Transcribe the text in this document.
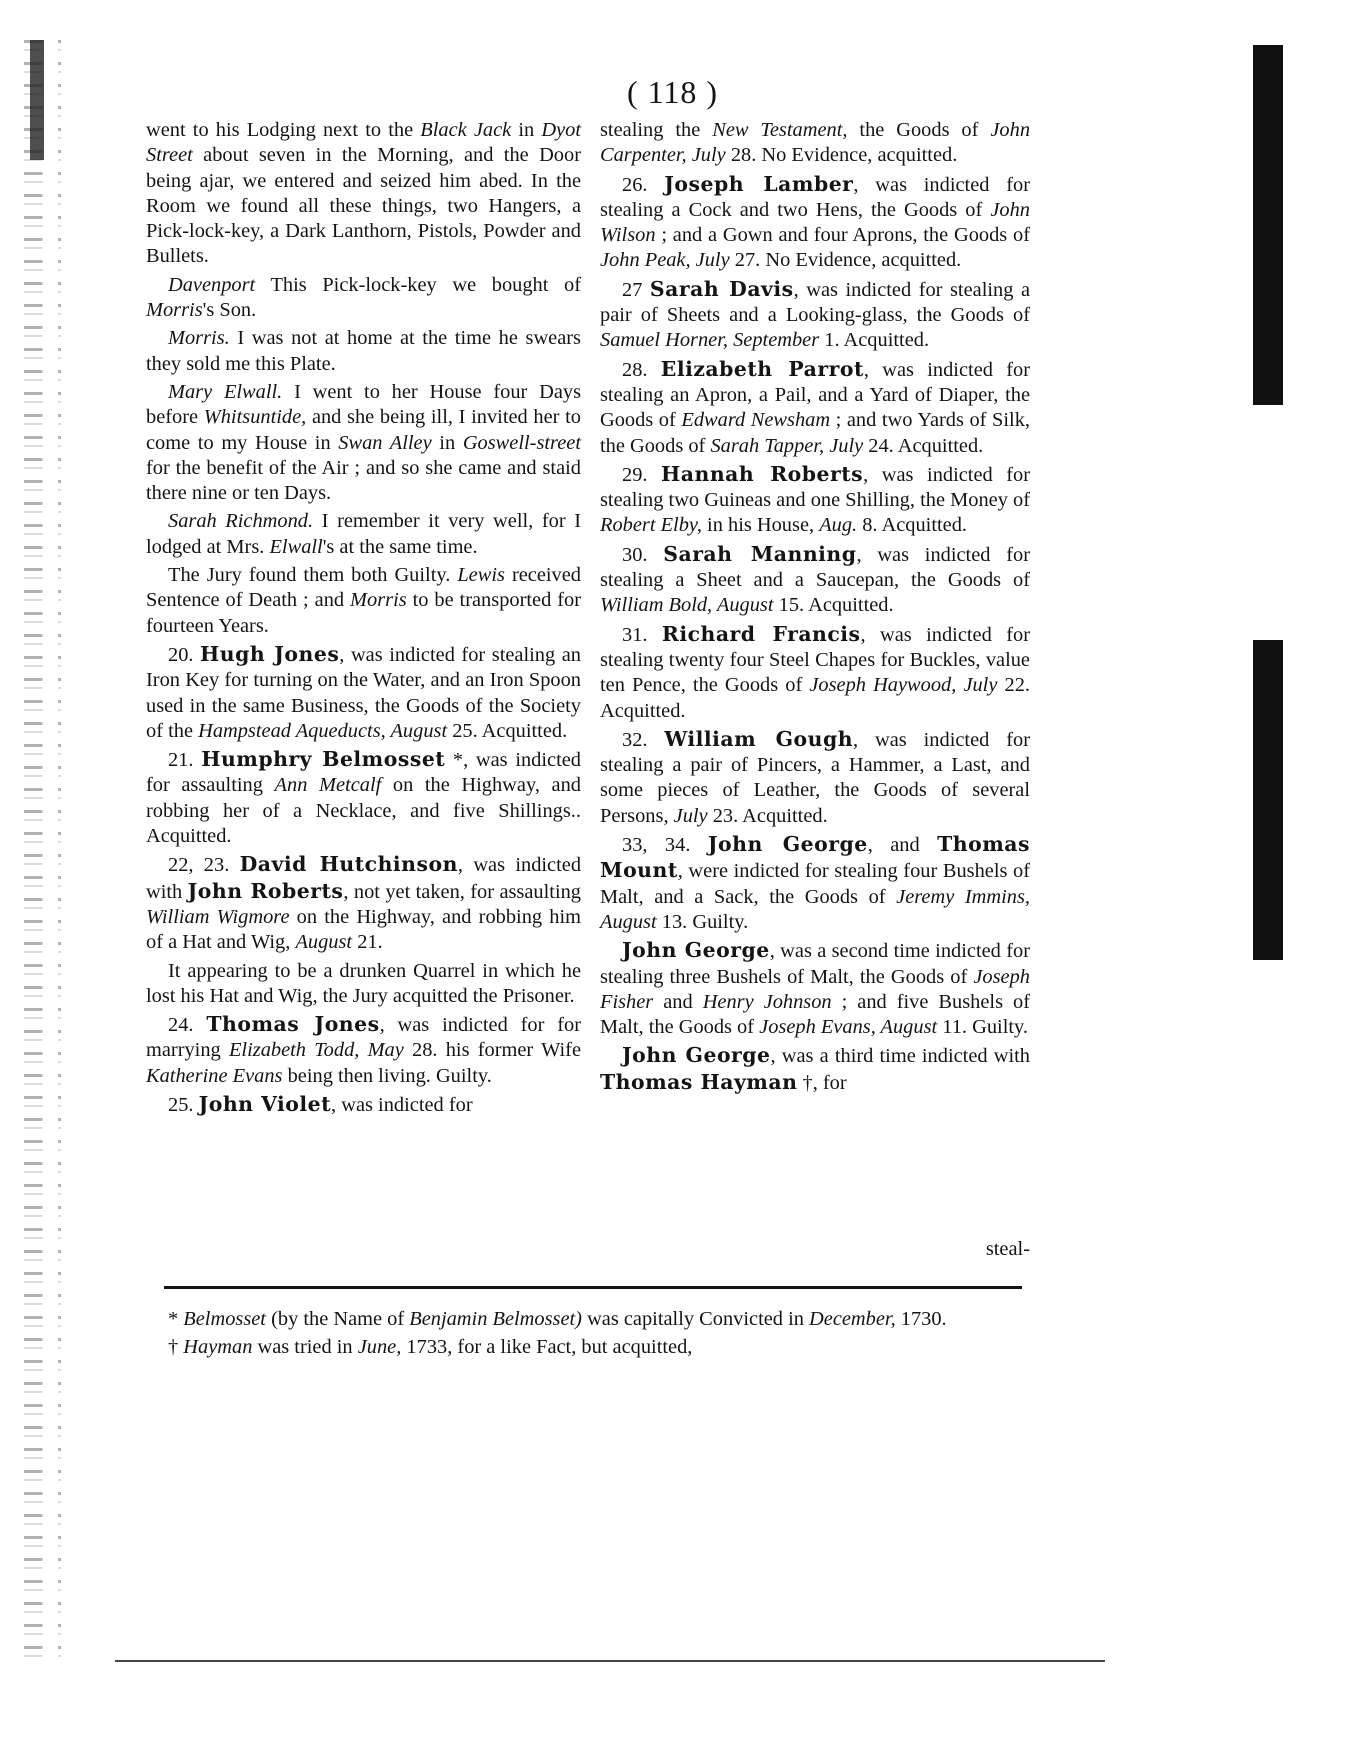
( 118 )

went to his Lodging next to the Black Jack in Dyot Street about seven in the Morning, and the Door being ajar, we entered and seized him abed. In the Room we found all these things, two Hangers, a Pick-lock-key, a Dark Lanthorn, Pistols, Powder and Bullets.

Davenport This Pick-lock-key we bought of Morris's Son.

Morris. I was not at home at the time he swears they sold me this Plate.

Mary Elwall. I went to her House four Days before Whitsuntide, and she being ill, I invited her to come to my House in Swan Alley in Goswell-street for the benefit of the Air ; and so she came and staid there nine or ten Days.

Sarah Richmond. I remember it very well, for I lodged at Mrs. Elwall's at the same time.

The Jury found them both Guilty. Lewis received Sentence of Death ; and Morris to be transported for fourteen Years.

20. Hugh Jones, was indicted for stealing an Iron Key for turning on the Water, and an Iron Spoon used in the same Business, the Goods of the Society of the Hampstead Aqueducts, August 25. Acquitted.

21. Humphry Belmosset *, was indicted for assaulting Ann Metcalf on the Highway, and robbing her of a Necklace, and five Shillings.. Acquitted.

22, 23. David Hutchinson, was indicted with John Roberts, not yet taken, for assaulting William Wigmore on the Highway, and robbing him of a Hat and Wig, August 21.

It appearing to be a drunken Quarrel in which he lost his Hat and Wig, the Jury acquitted the Prisoner.

24. Thomas Jones, was indicted for for marrying Elizabeth Todd, May 28. his former Wife Katherine Evans being then living. Guilty.

25. John Violet, was indicted for

stealing the New Testament, the Goods of John Carpenter, July 28. No Evidence, acquitted.

26. Joseph Lamber, was indicted for stealing a Cock and two Hens, the Goods of John Wilson ; and a Gown and four Aprons, the Goods of John Peak, July 27. No Evidence, acquitted.

27 Sarah Davis, was indicted for stealing a pair of Sheets and a Looking-glass, the Goods of Samuel Horner, September 1. Acquitted.

28. Elizabeth Parrot, was indicted for stealing an Apron, a Pail, and a Yard of Diaper, the Goods of Edward Newsham ; and two Yards of Silk, the Goods of Sarah Tapper, July 24. Acquitted.

29. Hannah Roberts, was indicted for stealing two Guineas and one Shilling, the Money of Robert Elby, in his House, Aug. 8. Acquitted.

30. Sarah Manning, was indicted for stealing a Sheet and a Saucepan, the Goods of William Bold, August 15. Acquitted.

31. Richard Francis, was indicted for stealing twenty four Steel Chapes for Buckles, value ten Pence, the Goods of Joseph Haywood, July 22. Acquitted.

32. William Gough, was indicted for stealing a pair of Pincers, a Hammer, a Last, and some pieces of Leather, the Goods of several Persons, July 23. Acquitted.

33, 34. John George, and Thomas Mount, were indicted for stealing four Bushels of Malt, and a Sack, the Goods of Jeremy Immins, August 13. Guilty.

John George, was a second time indicted for stealing three Bushels of Malt, the Goods of Joseph Fisher and Henry Johnson ; and five Bushels of Malt, the Goods of Joseph Evans, August 11. Guilty.

John George, was a third time indicted with Thomas Hayman †, for

steal-

* Belmosset (by the Name of Benjamin Belmosset) was capitally Convicted in December, 1730.

† Hayman was tried in June, 1733, for a like Fact, but acquitted,
